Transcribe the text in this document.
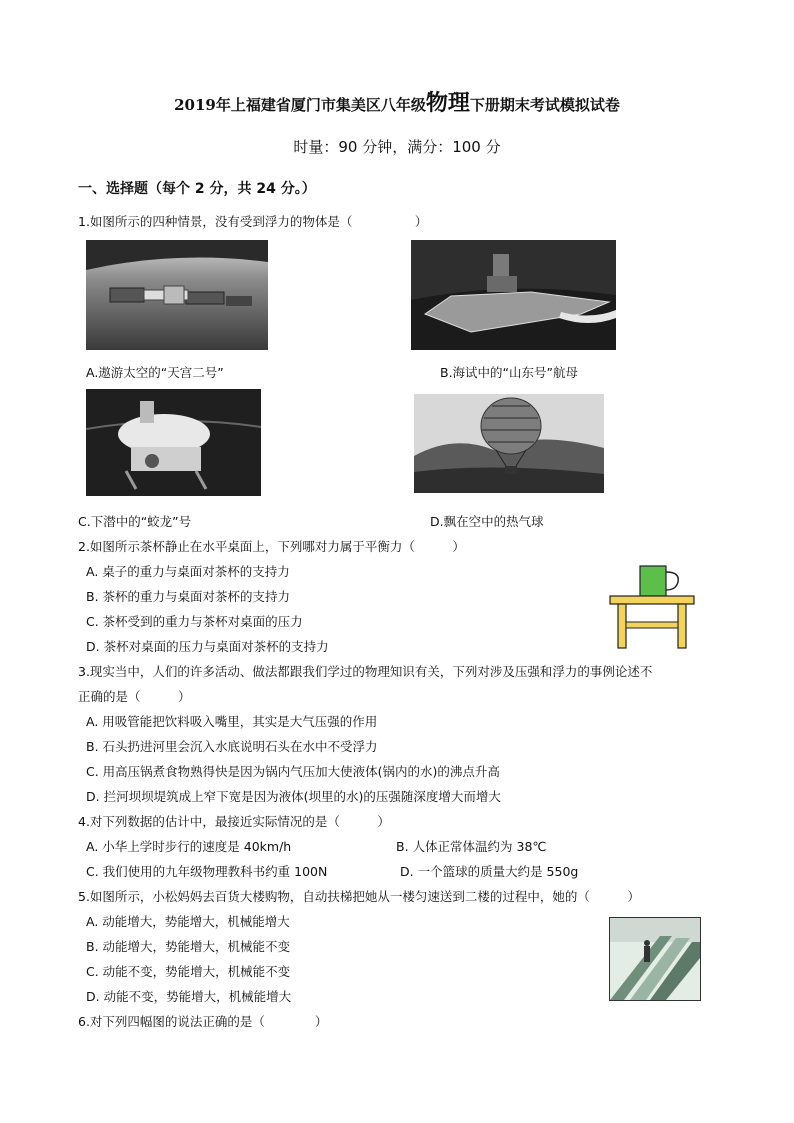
2019年上福建省厦门市集美区八年级物理下册期末考试模拟试卷
时量：90 分钟，满分：100 分
一、选择题（每个 2 分，共 24 分。）
1.如图所示的四种情景，没有受到浮力的物体是（　　　　　）
A.遨游太空的“天宫二号”	B.海试中的“山东号”航母
C.下潜中的“蛟龙”号	D.飘在空中的热气球
2.如图所示茶杯静止在水平桌面上，下列哪对力属于平衡力（　　　）
A. 桌子的重力与桌面对茶杯的支持力
B. 茶杯的重力与桌面对茶杯的支持力
C. 茶杯受到的重力与茶杯对桌面的压力
D. 茶杯对桌面的压力与桌面对茶杯的支持力
3.现实当中，人们的许多活动、做法都跟我们学过的物理知识有关，下列对涉及压强和浮力的事例论述不
正确的是（　　　）
A. 用吸管能把饮料吸入嘴里，其实是大气压强的作用
B. 石头扔进河里会沉入水底说明石头在水中不受浮力
C. 用高压锅煮食物熟得快是因为锅内气压加大使液体(锅内的水)的沸点升高
D. 拦河坝坝堤筑成上窄下宽是因为液体(坝里的水)的压强随深度增大而增大
4.对下列数据的估计中，最接近实际情况的是（　　　）
A. 小华上学时步行的速度是 40km/h	B. 人体正常体温约为 38℃
C. 我们使用的九年级物理教科书约重 100N	D. 一个篮球的质量大约是 550g
5.如图所示，小松妈妈去百货大楼购物，自动扶梯把她从一楼匀速送到二楼的过程中，她的（　　　）
A. 动能增大，势能增大，机械能增大
B. 动能增大，势能增大，机械能不变
C. 动能不变，势能增大，机械能不变
D. 动能不变，势能增大，机械能增大
6.对下列四幅图的说法正确的是（　　　　）
